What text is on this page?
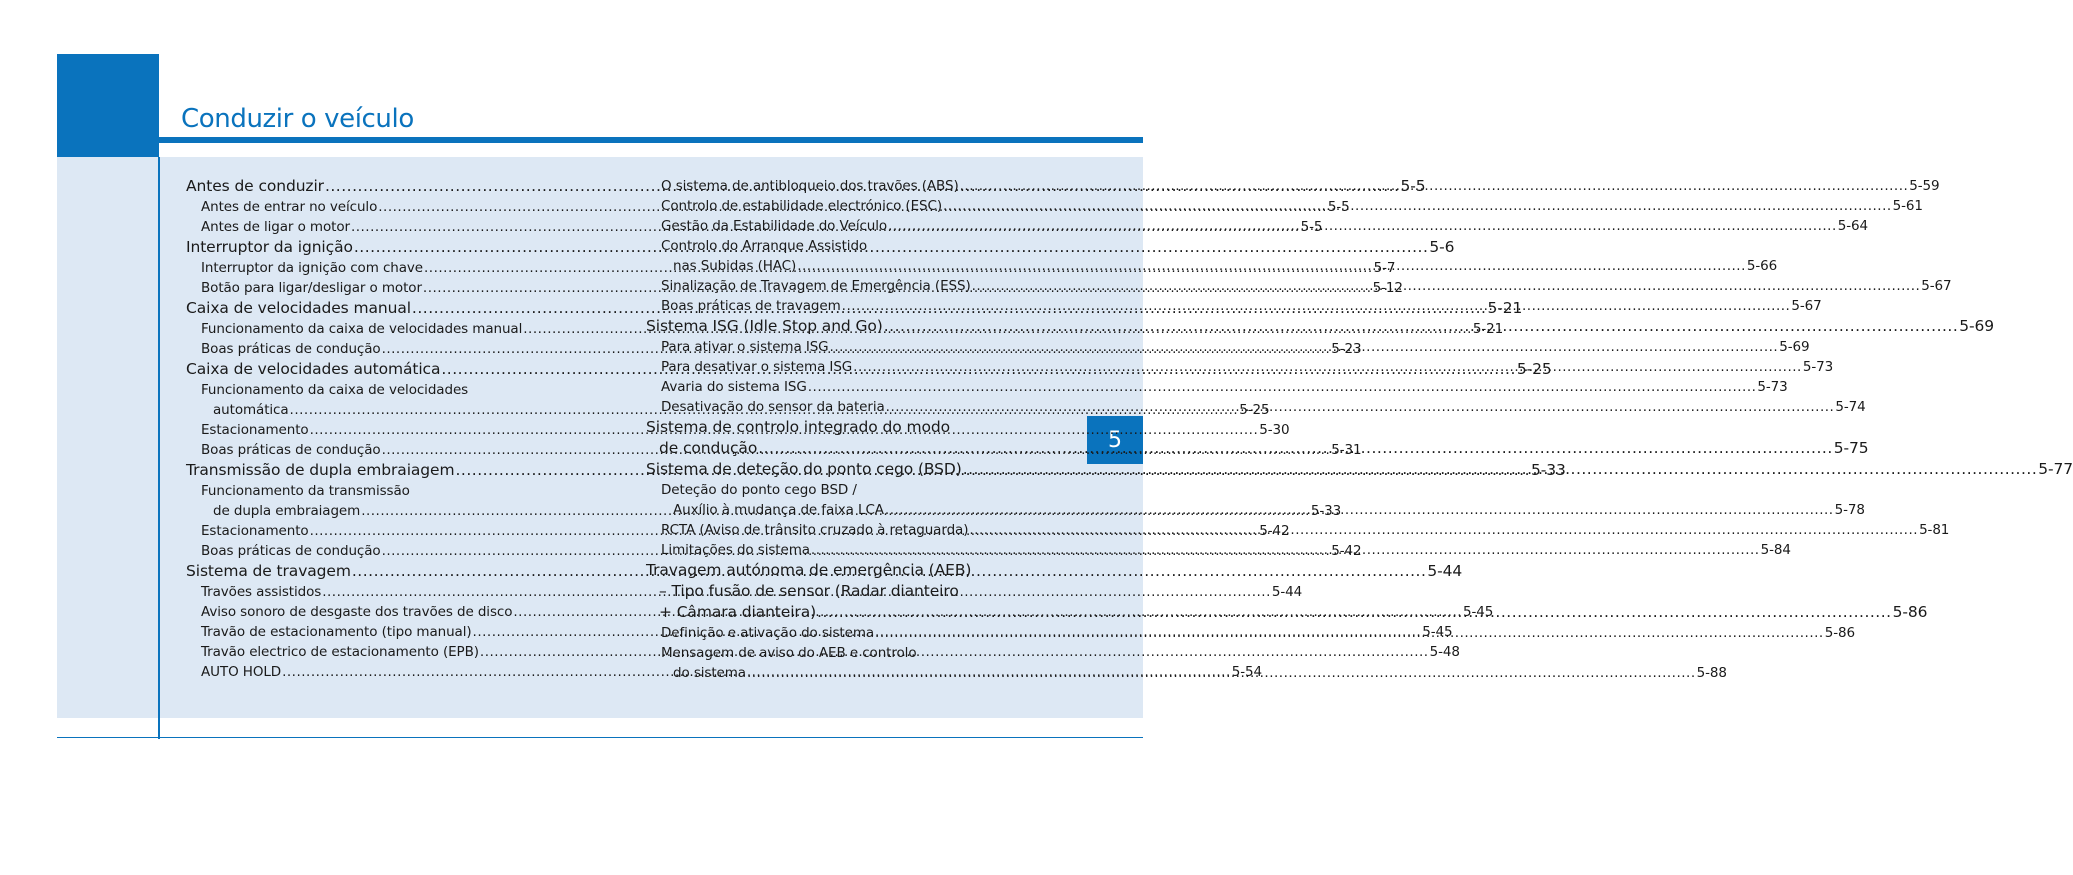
Conduzir o veículo
5
Antes de conduzir .....	5-5
Antes de entrar no veículo .....	5-5
Antes de ligar o motor .....	5-5
Interruptor da ignição .....	5-6
Interruptor da ignição com chave .....	5-7
Botão para ligar/desligar o motor .....	5-12
Caixa de velocidades manual .....	5-21
Funcionamento da caixa de velocidades manual .....	5-21
Boas práticas de condução .....	5-23
Caixa de velocidades automática .....	5-25
Funcionamento da caixa de velocidades
automática .....	5-25
Estacionamento .....	5-30
Boas práticas de condução .....	5-31
Transmissão de dupla embraiagem .....	5-33
Funcionamento da transmissão
de dupla embraiagem .....	5-33
Estacionamento .....	5-42
Boas práticas de condução .....	5-42
Sistema de travagem .....	5-44
Travões assistidos .....	5-44
Aviso sonoro de desgaste dos travões de disco .....	5-45
Travão de estacionamento (tipo manual) .....	5-45
Travão electrico de estacionamento (EPB) .....	5-48
AUTO HOLD .....	5-54
O sistema de antibloqueio dos travões (ABS) .....	5-59
Controlo de estabilidade electrónico (ESC) .....	5-61
Gestão da Estabilidade do Veículo .....	5-64
Controlo do Arranque Assistido
nas Subidas (HAC) .....	5-66
Sinalização de Travagem de Emergência (ESS) .....	5-67
Boas práticas de travagem .....	5-67
Sistema ISG (Idle Stop and Go) .....	5-69
Para ativar o sistema ISG .....	5-69
Para desativar o sistema ISG .....	5-73
Avaria do sistema ISG .....	5-73
Desativação do sensor da bateria .....	5-74
Sistema de controlo integrado do modo
de condução .....	5-75
Sistema de deteção do ponto cego (BSD) .....	5-77
Deteção do ponto cego BSD /
Auxílio à mudança de faixa LCA .....	5-78
RCTA (Aviso de trânsito cruzado à retaguarda) .....	5-81
Limitações do sistema .....	5-84
Travagem autónoma de emergência (AEB)
– Tipo fusão de sensor (Radar dianteiro
+ Câmara dianteira) .....	5-86
Definição e ativação do sistema .....	5-86
Mensagem de aviso do AEB e controlo
do sistema .....	5-88
